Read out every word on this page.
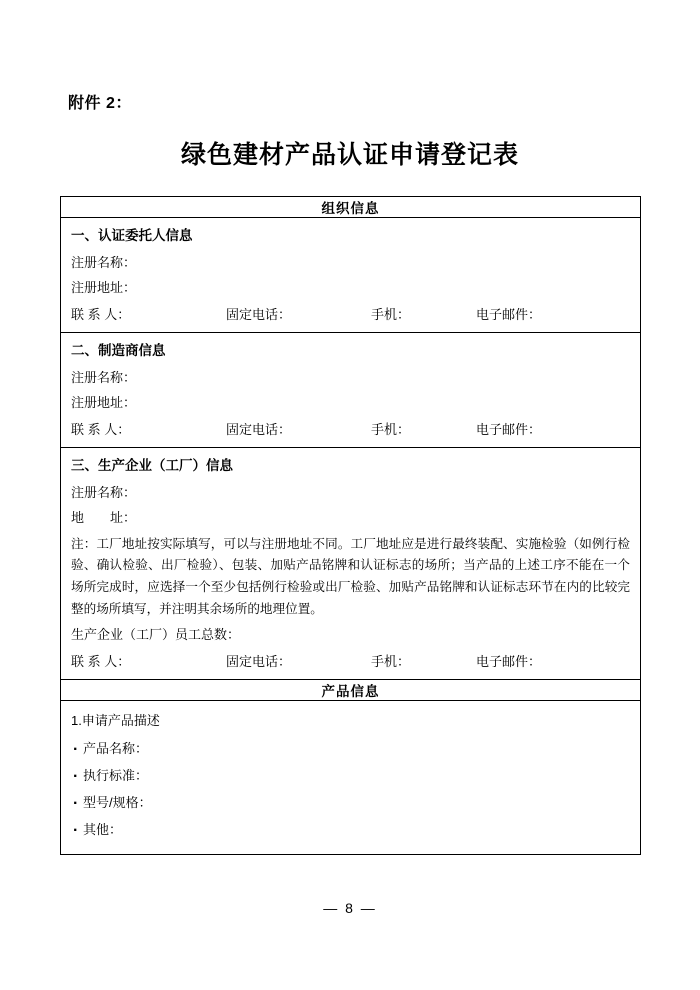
附件 2：
绿色建材产品认证申请登记表
组织信息

一、认证委托人信息
注册名称：
注册地址：
联 系 人：	固定电话：	手机：	电子邮件：

二、制造商信息
注册名称：
注册地址：
联 系 人：	固定电话：	手机：	电子邮件：

三、生产企业（工厂）信息
注册名称：
地　　址：
注：工厂地址按实际填写，可以与注册地址不同。工厂地址应是进行最终装配、实施检验（如例行检验、确认检验、出厂检验）、包装、加贴产品铭牌和认证标志的场所；当产品的上述工序不能在一个场所完成时，应选择一个至少包括例行检验或出厂检验、加贴产品铭牌和认证标志环节在内的比较完整的场所填写，并注明其余场所的地理位置。
生产企业（工厂）员工总数：
联 系 人：	固定电话：	手机：	电子邮件：

产品信息

1.申请产品描述
· 产品名称：
· 执行标准：
· 型号/规格：
· 其他：
— 8 —
